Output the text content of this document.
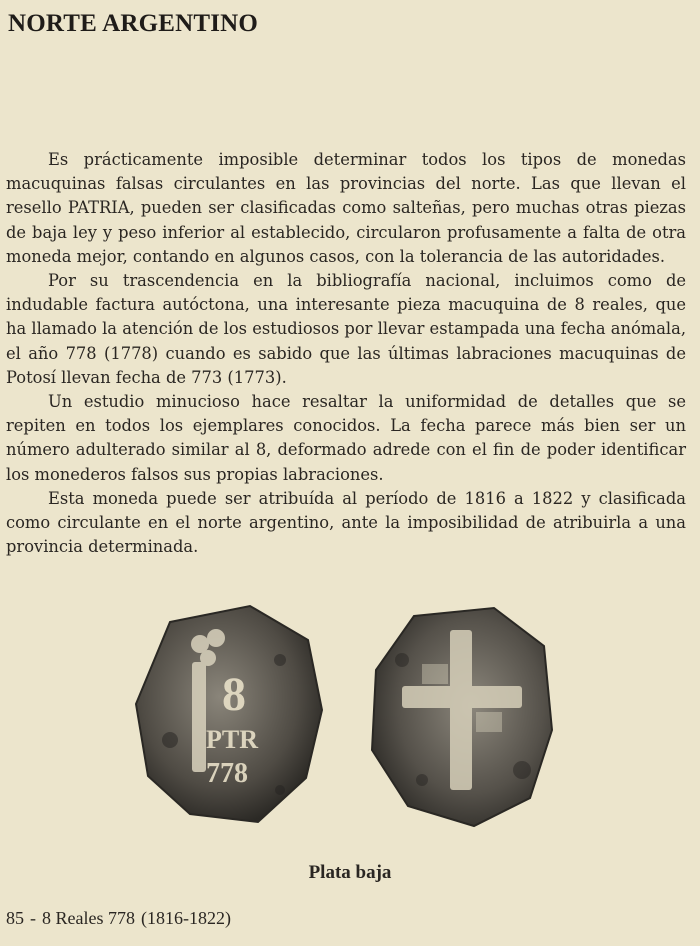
NORTE ARGENTINO

Es prácticamente imposible determinar todos los tipos de monedas macuquinas falsas circulantes en las provincias del norte. Las que llevan el resello PATRIA, pueden ser clasificadas como salteñas, pero muchas otras piezas de baja ley y peso inferior al establecido, circularon profusamente a falta de otra moneda mejor, contando en algunos casos, con la tolerancia de las autoridades.

Por su trascendencia en la bibliografía nacional, incluimos como de indudable factura autóctona, una interesante pieza macuquina de 8 reales, que ha llamado la atención de los estudiosos por llevar estampada una fecha anómala, el año 778 (1778) cuando es sabido que las últimas labraciones macuquinas de Potosí llevan fecha de 773 (1773).

Un estudio minucioso hace resaltar la uniformidad de detalles que se repiten en todos los ejemplares conocidos. La fecha parece más bien ser un número adulterado similar al 8, deformado adrede con el fin de poder identificar los monederos falsos sus propias labraciones.

Esta moneda puede ser atribuída al período de 1816 a 1822 y clasificada como circulante en el norte argentino, ante la imposibilidad de atribuirla a una provincia determinada.

8
PTR
778
Plata baja
85 - 8 Reales 778 (1816-1822)
